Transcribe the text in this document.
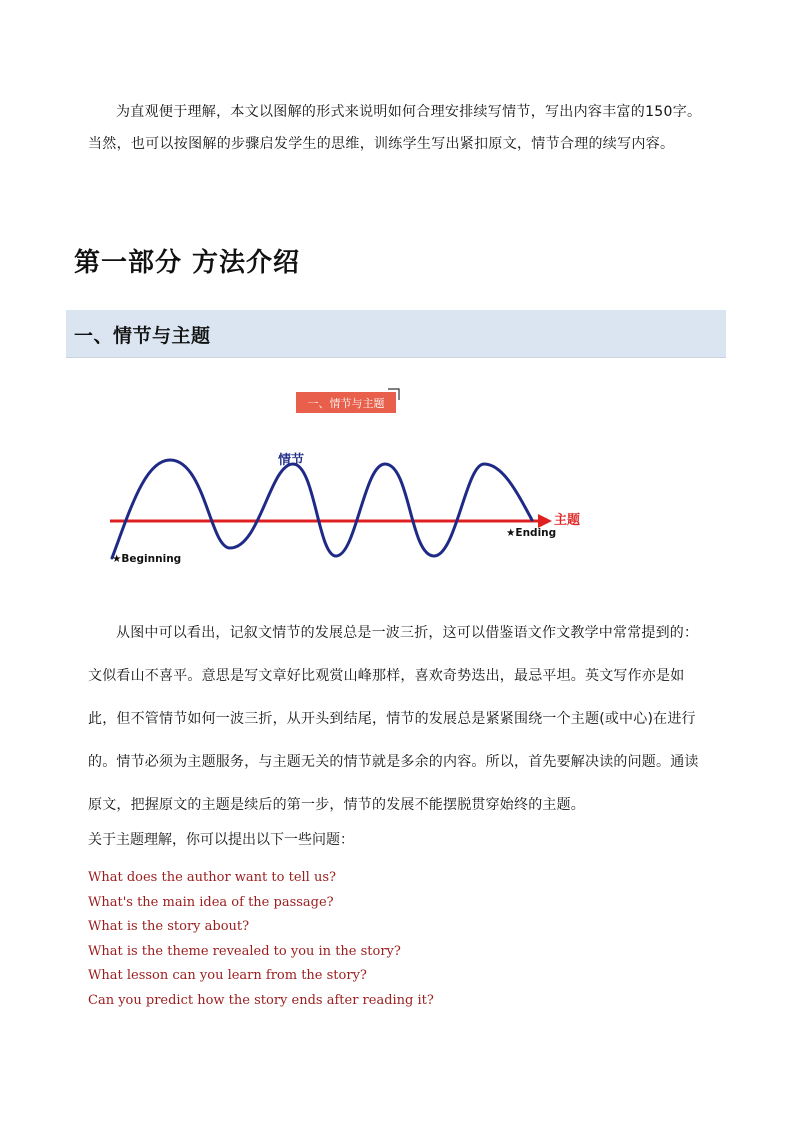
为直观便于理解，本文以图解的形式来说明如何合理安排续写情节，写出内容丰富的150字。当然，也可以按图解的步骤启发学生的思维，训练学生写出紧扣原文，情节合理的续写内容。

第一部分 方法介绍
一、情节与主题
一、情节与主题
主题
情节
★Beginning
★Ending

从图中可以看出，记叙文情节的发展总是一波三折，这可以借鉴语文作文教学中常常提到的：文似看山不喜平。意思是写文章好比观赏山峰那样，喜欢奇势迭出，最忌平坦。英文写作亦是如此，但不管情节如何一波三折，从开头到结尾，情节的发展总是紧紧围绕一个主题(或中心)在进行的。情节必须为主题服务，与主题无关的情节就是多余的内容。所以，首先要解决读的问题。通读原文，把握原文的主题是续后的第一步，情节的发展不能摆脱贯穿始终的主题。

关于主题理解，你可以提出以下一些问题：

What does the author want to tell us?
What's the main idea of the passage?
What is the story about?
What is the theme revealed to you in the story?
What lesson can you learn from the story?
Can you predict how the story ends after reading it?
